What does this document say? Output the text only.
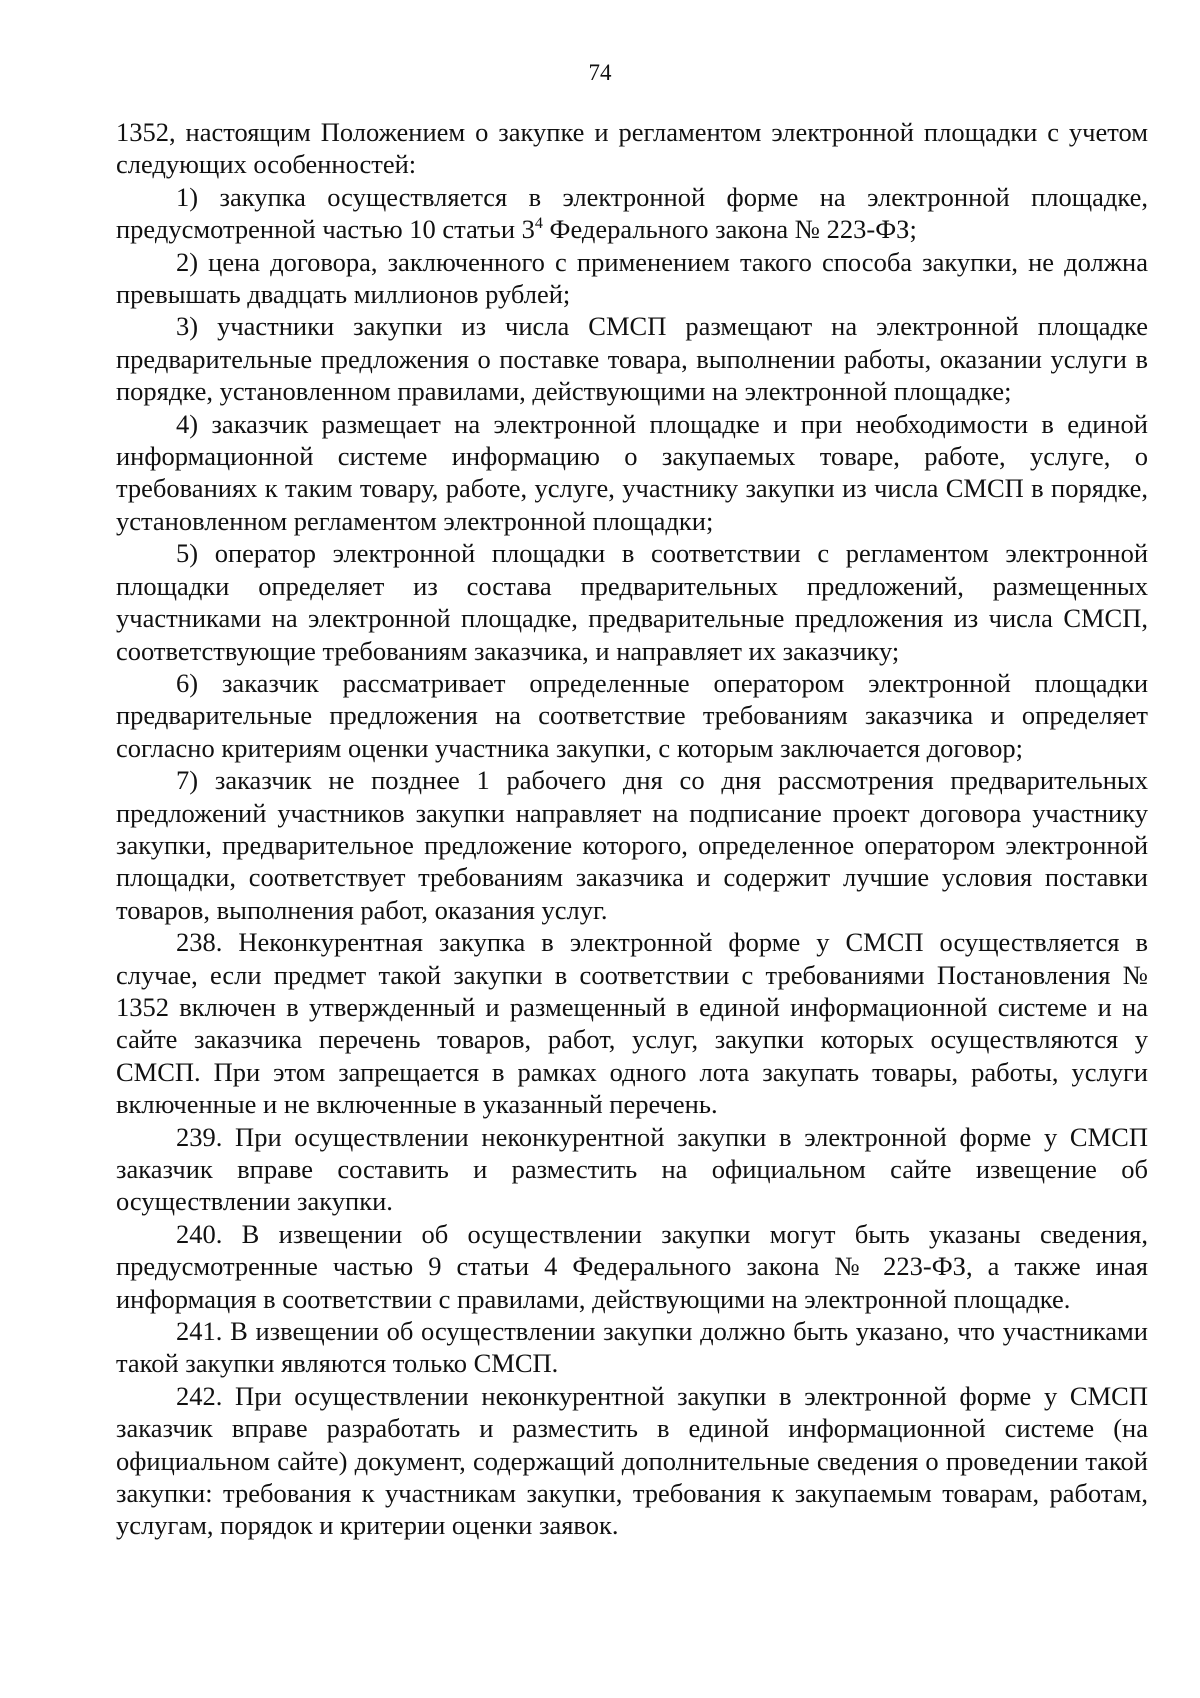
74

1352, настоящим Положением о закупке и регламентом электронной площадки с учетом следующих особенностей:

1) закупка осуществляется в электронной форме на электронной площадке, предусмотренной частью 10 статьи $3^4$ Федерального закона № 223-ФЗ;

2) цена договора, заключенного с применением такого способа закупки, не должна превышать двадцать миллионов рублей;

3) участники закупки из числа СМСП размещают на электронной площадке предварительные предложения о поставке товара, выполнении работы, оказании услуги в порядке, установленном правилами, действующими на электронной площадке;

4) заказчик размещает на электронной площадке и при необходимости в единой информационной системе информацию о закупаемых товаре, работе, услуге, о требованиях к таким товару, работе, услуге, участнику закупки из числа СМСП в порядке, установленном регламентом электронной площадки;

5) оператор электронной площадки в соответствии с регламентом электронной площадки определяет из состава предварительных предложений, размещенных участниками на электронной площадке, предварительные предложения из числа СМСП, соответствующие требованиям заказчика, и направляет их заказчику;

6) заказчик рассматривает определенные оператором электронной площадки предварительные предложения на соответствие требованиям заказчика и определяет согласно критериям оценки участника закупки, с которым заключается договор;

7) заказчик не позднее 1 рабочего дня со дня рассмотрения предварительных предложений участников закупки направляет на подписание проект договора участнику закупки, предварительное предложение которого, определенное оператором электронной площадки, соответствует требованиям заказчика и содержит лучшие условия поставки товаров, выполнения работ, оказания услуг.

238. Неконкурентная закупка в электронной форме у СМСП осуществляется в случае, если предмет такой закупки в соответствии с требованиями Постановления № 1352 включен в утвержденный и размещенный в единой информационной системе и на сайте заказчика перечень товаров, работ, услуг, закупки которых осуществляются у СМСП. При этом запрещается в рамках одного лота закупать товары, работы, услуги включенные и не включенные в указанный перечень.

239. При осуществлении неконкурентной закупки в электронной форме у СМСП заказчик вправе составить и разместить на официальном сайте извещение об осуществлении закупки.

240. В извещении об осуществлении закупки могут быть указаны сведения, предусмотренные частью 9 статьи 4 Федерального закона № 223-ФЗ, а также иная информация в соответствии с правилами, действующими на электронной площадке.

241. В извещении об осуществлении закупки должно быть указано, что участниками такой закупки являются только СМСП.

242. При осуществлении неконкурентной закупки в электронной форме у СМСП заказчик вправе разработать и разместить в единой информационной системе (на официальном сайте) документ, содержащий дополнительные сведения о проведении такой закупки: требования к участникам закупки, требования к закупаемым товарам, работам, услугам, порядок и критерии оценки заявок.
